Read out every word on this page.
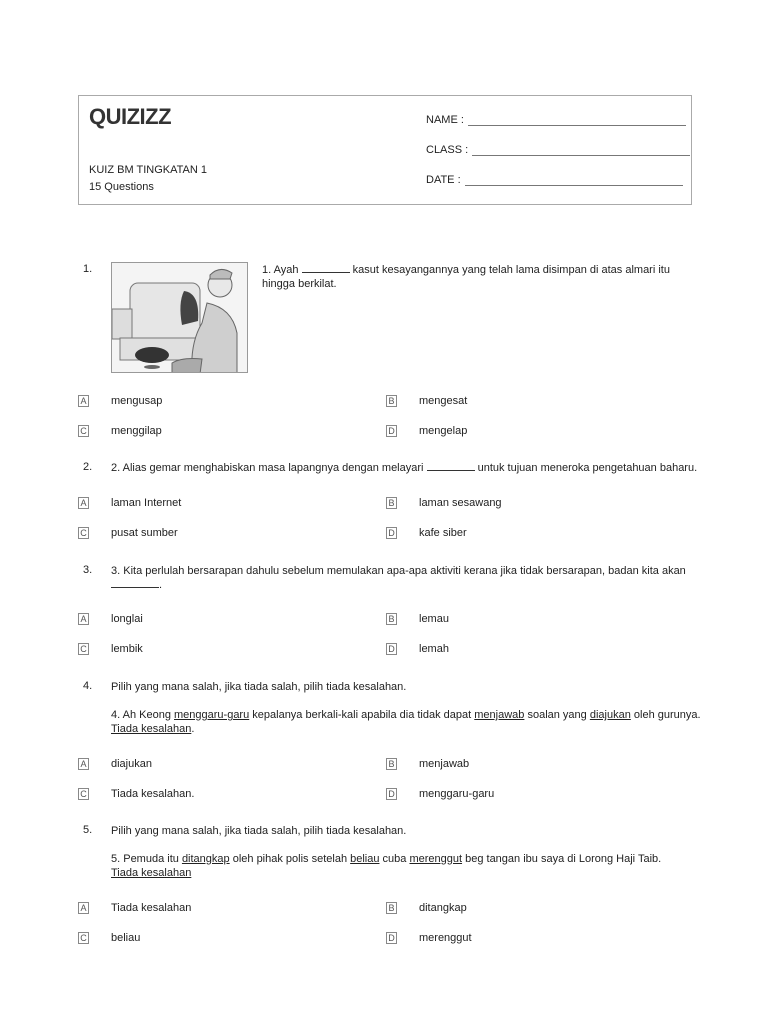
QUIZIZZ
KUIZ BM TINGKATAN 1
15 Questions
NAME :
CLASS :
DATE :
1.	1. Ayah	kasut kesayangannya yang telah lama disimpan di atas almari itu hingga berkilat.
A mengusap	B mengesat
C menggilap	D mengelap
2. 2. Alias gemar menghabiskan masa lapangnya dengan melayari	untuk tujuan meneroka pengetahuan baharu.
A laman Internet	B laman sesawang
C pusat sumber	D kafe siber
3. 3. Kita perlulah bersarapan dahulu sebelum memulakan apa-apa aktiviti kerana jika tidak bersarapan, badan kita akan .
A longlai	B lemau
C lembik	D lemah
4. Pilih yang mana salah, jika tiada salah, pilih tiada kesalahan.
4. Ah Keong menggaru-garu kepalanya berkali-kali apabila dia tidak dapat menjawab soalan yang diajukan oleh gurunya. Tiada kesalahan.
A diajukan	B menjawab
C Tiada kesalahan.	D menggaru-garu
5. Pilih yang mana salah, jika tiada salah, pilih tiada kesalahan.
5. Pemuda itu ditangkap oleh pihak polis setelah beliau cuba merenggut beg tangan ibu saya di Lorong Haji Taib. Tiada kesalahan
A Tiada kesalahan	B ditangkap
C beliau	D merenggut
